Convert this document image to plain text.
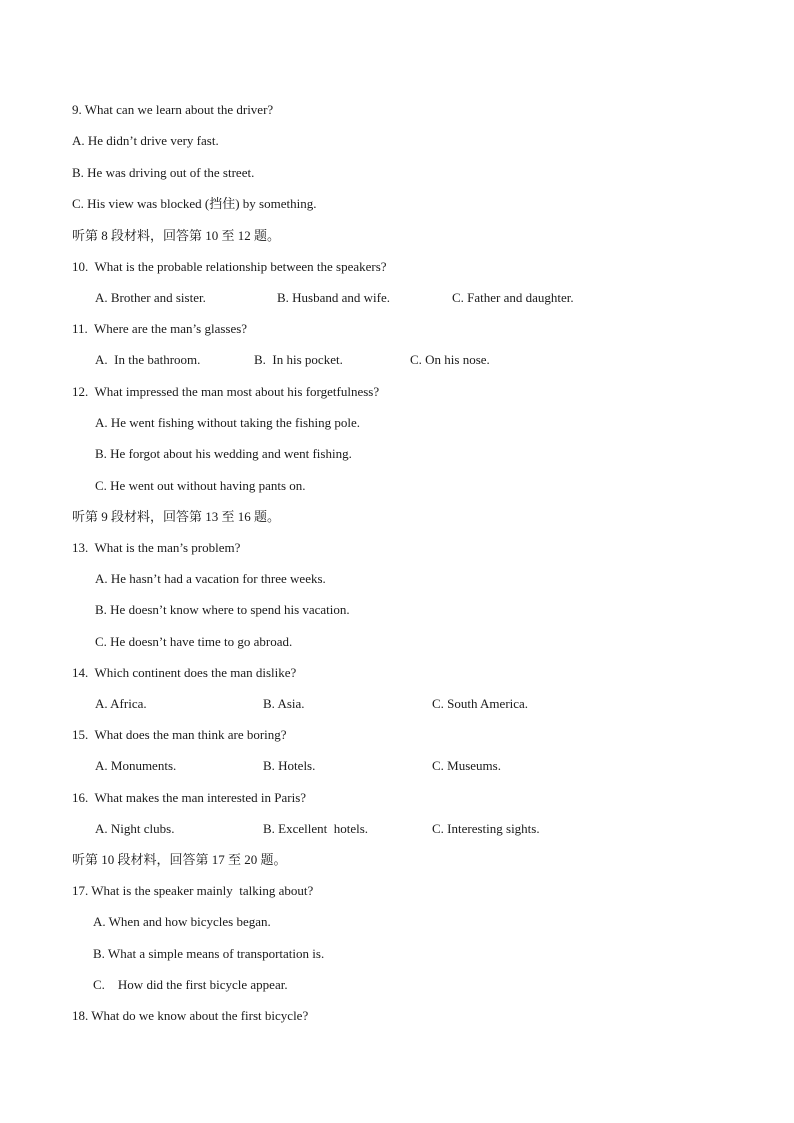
9. What can we learn about the driver?
A. He didn’t drive very fast.
B. He was driving out of the street.
C. His view was blocked (挡住) by something.
听第 8 段材料，回答第 10 至 12 题。
10.  What is the probable relationship between the speakers?

A. Brother and sister.

	B. Husband and wife.

	C. Father and daughter.

11.  Where are the man’s glasses?

A.  In the bathroom.

	B.  In his pocket.

	C. On his nose.

12.  What impressed the man most about his forgetfulness?
A. He went fishing without taking the fishing pole.
B. He forgot about his wedding and went fishing.
C. He went out without having pants on.
听第 9 段材料，回答第 13 至 16 题。
13.  What is the man’s problem?
A. He hasn’t had a vacation for three weeks.
B. He doesn’t know where to spend his vacation.
C. He doesn’t have time to go abroad.
14.  Which continent does the man dislike?

A. Africa.

	B. Asia.

	C. South America.

15.  What does the man think are boring?

A. Monuments.

	B. Hotels.

	C. Museums.

16.  What makes the man interested in Paris?

A. Night clubs.

	B. Excellent  hotels.

	C. Interesting sights.

听第 10 段材料，回答第 17 至 20 题。
17. What is the speaker mainly  talking about?
A. When and how bicycles began.
B. What a simple means of transportation is.
C.    How did the first bicycle appear.
18. What do we know about the first bicycle?
